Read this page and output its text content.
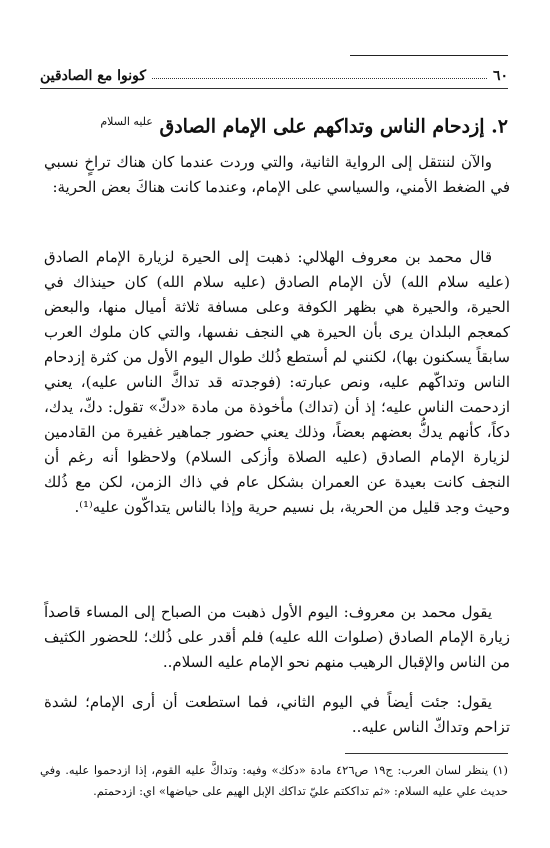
٦٠
كونوا مع الصادقين
٢. إزدحام الناس وتداكهم على الإمام الصادق $^{عليه السلام}$

والآن لننتقل إلى الرواية الثانية، والتي وردت عندما كان هناك تراخٍ نسبي في الضغط الأمني، والسياسي على الإمام، وعندما كانت هناكَ بعض الحرية:

قال محمد بن معروف الهلالي: ذهبت إلى الحيرة لزيارة الإمام الصادق (عليه سلام الله) لأن الإمام الصادق (عليه سلام الله) كان حينذاك في الحيرة، والحيرة هي بظهر الكوفة وعلى مسافة ثلاثة أميال منها، والبعض كمعجم البلدان يرى بأن الحيرة هي النجف نفسها، والتي كان ملوك العرب سابقاً يسكنون بها)، لكنني لم أستطع ذُلك طوال اليوم الأول من كثرة إزدحام الناس وتداكّهم عليه، ونص عبارته: (فوجدته قد تداكَّ الناس عليه)، يعني ازدحمت الناس عليه؛ إذ أن (تداك) مأخوذة من مادة «دكّ» تقول: دكّ، يدك، دكاً، كأنهم يدكُّ بعضهم بعضاً، وذلك يعني حضور جماهير غفيرة من القادمين لزيارة الإمام الصادق (عليه الصلاة وأزكى السلام) ولاحظوا أنه رغم أن النجف كانت بعيدة عن العمران بشكل عام في ذاك الزمن، لكن مع ذُلك وحيث وجد قليل من الحرية، بل نسيم حرية وإذا بالناس يتداكّون عليه⁽¹⁾.

يقول محمد بن معروف: اليوم الأول ذهبت من الصباح إلى المساء قاصداً زيارة الإمام الصادق (صلوات الله عليه) فلم أقدر على ذُلك؛ للحضور الكثيف من الناس والإقبال الرهيب منهم نحو الإمام عليه السلام..

يقول: جئت أيضاً في اليوم الثاني، فما استطعت أن أرى الإمام؛ لشدة تزاحم وتداكّ الناس عليه..

(١) ينظر لسان العرب: ج١٩ ص٤٢٦ مادة «دكك» وفيه: وتداكَّ عليه القوم، إذا ازدحموا عليه. وفي حديث علي عليه السلام: «ثم تداككتم عليّ تداكك الإبل الهيم على حياضها» اي: ازدحمتم.
